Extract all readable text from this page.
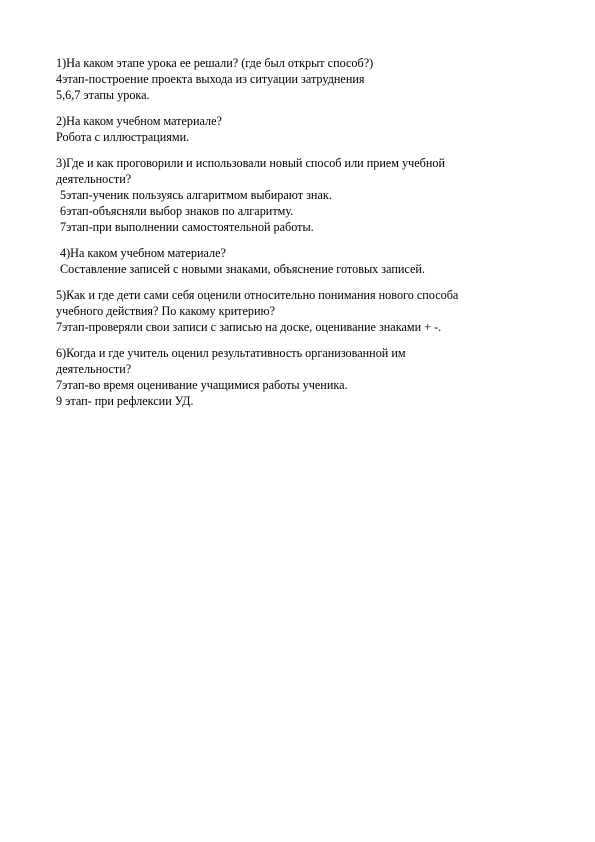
1)На каком этапе урока ее решали? (где был открыт способ?)
4этап-построение проекта выхода из ситуации затруднения
5,6,7 этапы урока.
2)На каком учебном материале?
Робота с иллюстрациями.
3)Где и как проговорили и использовали новый способ или прием учебной
деятельности?
5этап-ученик пользуясь алгаритмом выбирают знак.
6этап-объясняли выбор знаков по алгаритму.
7этап-при выполнении самостоятельной работы.
4)На каком учебном материале?
Составление записей с новыми знаками, объяснение готовых записей.
5)Как и где дети сами себя оценили относительно понимания нового способа
учебного действия? По какому критерию?
7этап-проверяли свои записи с записью на доске, оценивание знаками + -.
6)Когда и где учитель оценил результативность организованной им
деятельности?
7этап-во время оценивание учащимися работы ученика.
9 этап- при рефлексии УД.
